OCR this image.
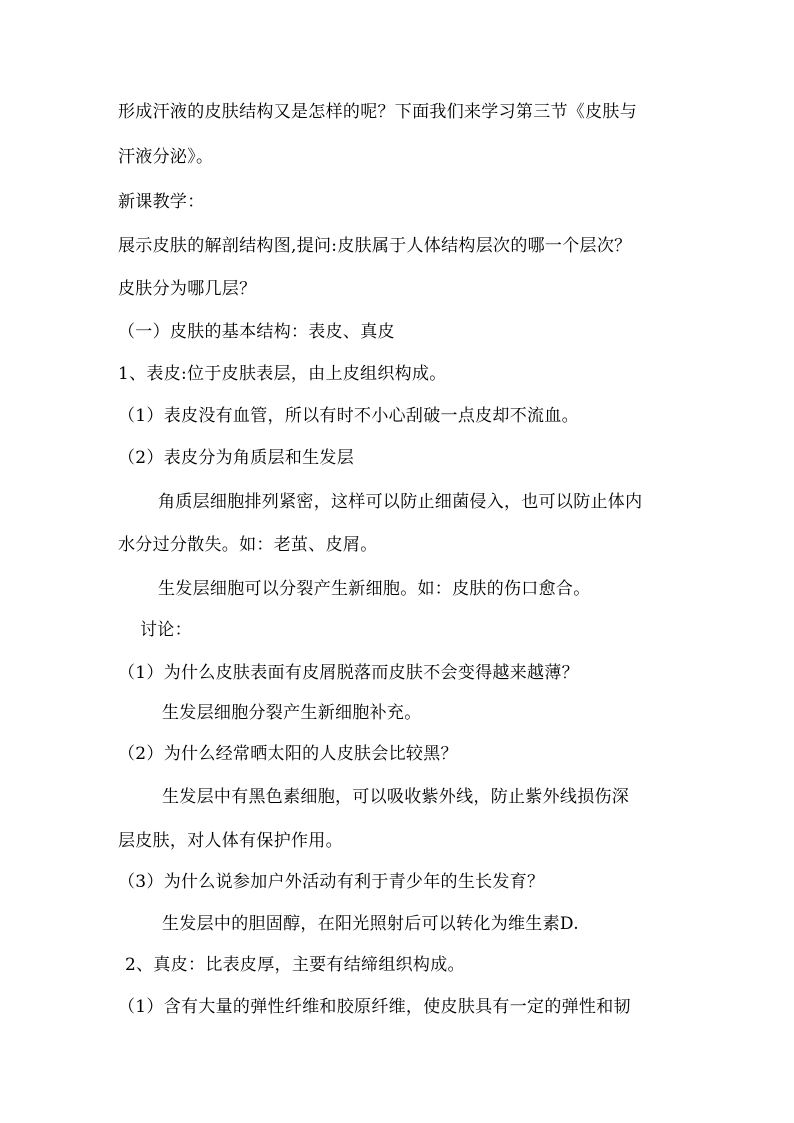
形成汗液的皮肤结构又是怎样的呢？下面我们来学习第三节《皮肤与
汗液分泌》。
新课教学：
展示皮肤的解剖结构图,提问:皮肤属于人体结构层次的哪一个层次？
皮肤分为哪几层？
（一）皮肤的基本结构：表皮、真皮
1、表皮:位于皮肤表层，由上皮组织构成。
（1）表皮没有血管，所以有时不小心刮破一点皮却不流血。
（2）表皮分为角质层和生发层
角质层细胞排列紧密，这样可以防止细菌侵入，也可以防止体内
水分过分散失。如：老茧、皮屑。
生发层细胞可以分裂产生新细胞。如：皮肤的伤口愈合。
讨论：
（1）为什么皮肤表面有皮屑脱落而皮肤不会变得越来越薄？
生发层细胞分裂产生新细胞补充。
（2）为什么经常晒太阳的人皮肤会比较黑？
生发层中有黑色素细胞，可以吸收紫外线，防止紫外线损伤深
层皮肤，对人体有保护作用。
（3）为什么说参加户外活动有利于青少年的生长发育？
生发层中的胆固醇，在阳光照射后可以转化为维生素D.
2、真皮：比表皮厚，主要有结缔组织构成。
（1）含有大量的弹性纤维和胶原纤维，使皮肤具有一定的弹性和韧
